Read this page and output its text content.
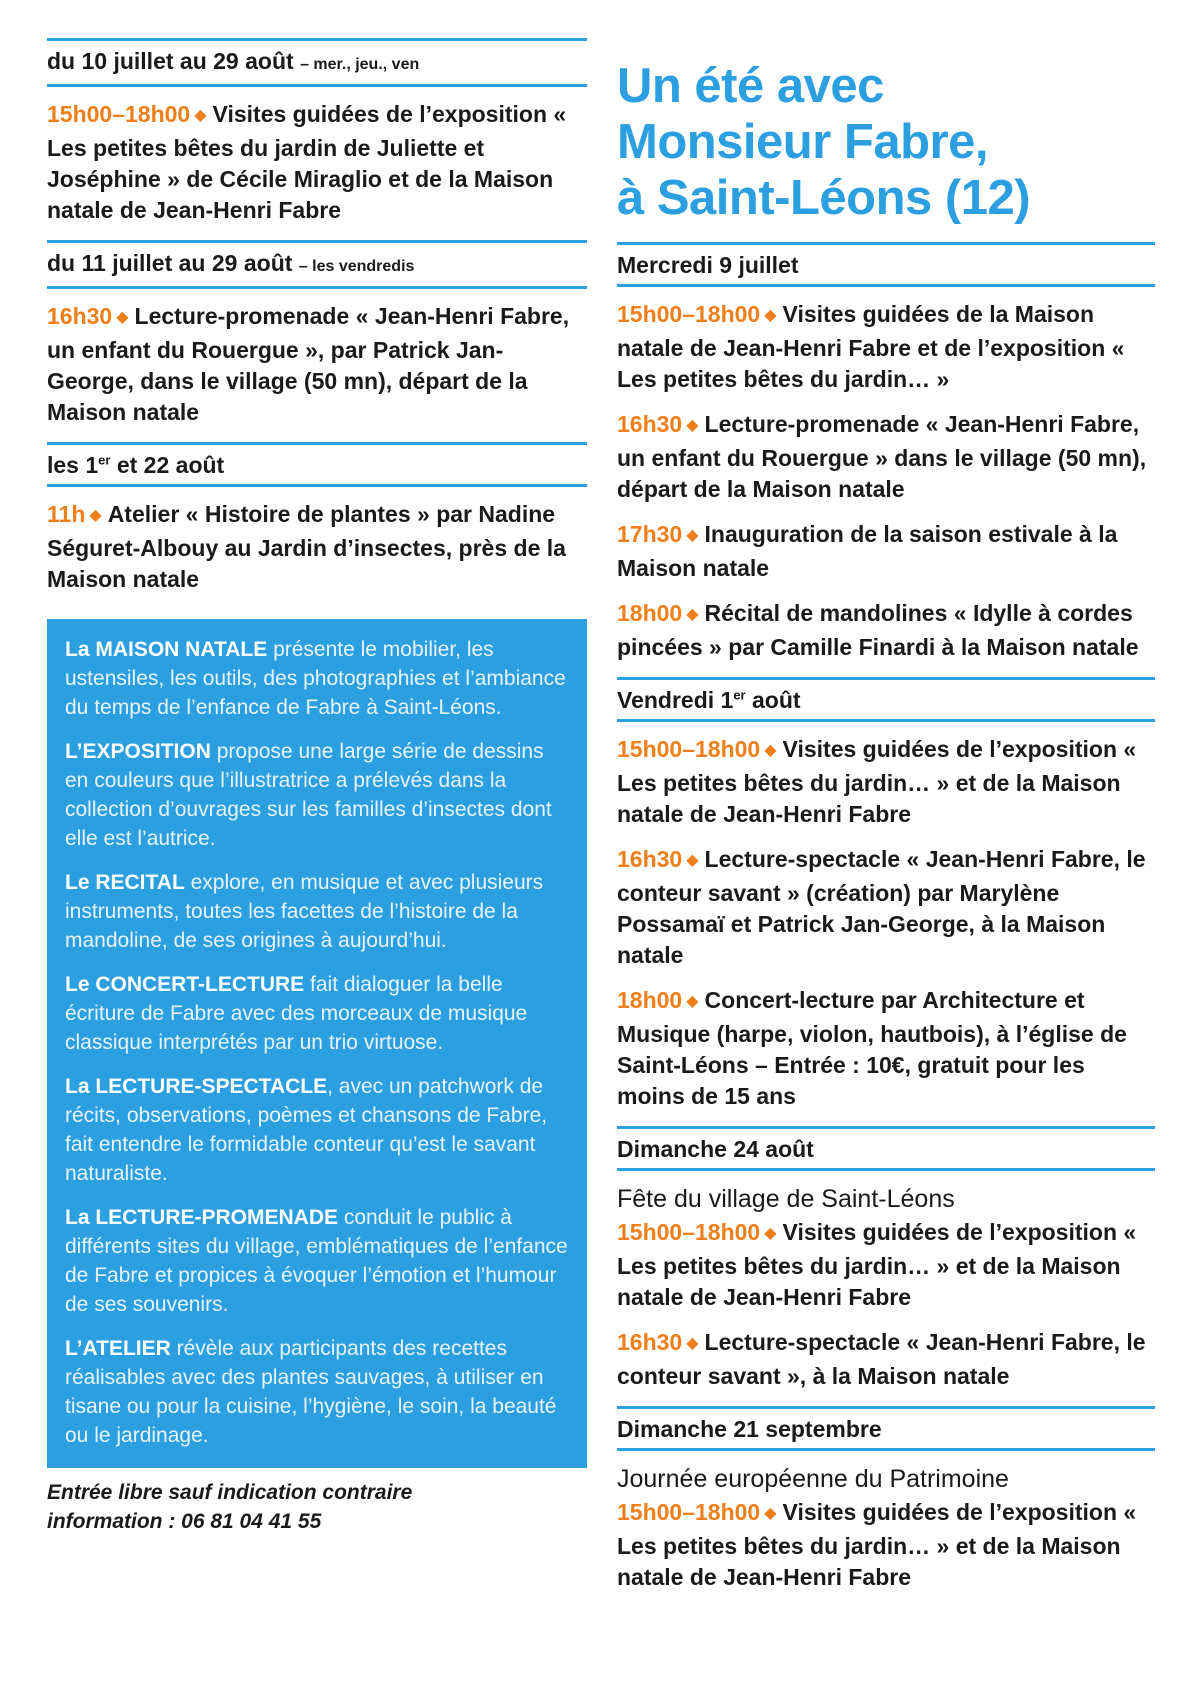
du 10 juillet au 29 août – mer., jeu., ven
15h00–18h00 ◆ Visites guidées de l’exposition « Les petites bêtes du jardin de Juliette et Joséphine » de Cécile Miraglio et de la Maison natale de Jean-Henri Fabre
du 11 juillet au 29 août – les vendredis
16h30 ◆ Lecture-promenade « Jean-Henri Fabre, un enfant du Rouergue », par Patrick Jan-George, dans le village (50 mn), départ de la Maison natale
les 1er et 22 août
11h ◆ Atelier « Histoire de plantes » par Nadine Séguret-Albouy au Jardin d’insectes, près de la Maison natale

La MAISON NATALE présente le mobilier, les ustensiles, les outils, des photographies et l’ambiance du temps de l’enfance de Fabre à Saint-Léons.

L’EXPOSITION propose une large série de dessins en couleurs que l’illustratrice a prélevés dans la collection d’ouvrages sur les familles d’insectes dont elle est l’autrice.

Le RECITAL explore, en musique et avec plusieurs instruments, toutes les facettes de l’histoire de la mandoline, de ses origines à aujourd’hui.

Le CONCERT-LECTURE fait dialoguer la belle écriture de Fabre avec des morceaux de musique classique interprétés par un trio virtuose.

La LECTURE-SPECTACLE, avec un patchwork de récits, observations, poèmes et chansons de Fabre, fait entendre le formidable conteur qu’est le savant naturaliste.

La LECTURE-PROMENADE conduit le public à différents sites du village, emblématiques de l’enfance de Fabre et propices à évoquer l’émotion et l’humour de ses souvenirs.

L’ATELIER révèle aux participants des recettes réalisables avec des plantes sauvages, à utiliser en tisane ou pour la cuisine, l’hygiène, le soin, la beauté ou le jardinage.

Entrée libre sauf indication contraire
information : 06 81 04 41 55
Un été avec
Monsieur Fabre,
à Saint-Léons (12)
Mercredi 9 juillet
15h00–18h00 ◆ Visites guidées de la Maison natale de Jean-Henri Fabre et de l’exposition « Les petites bêtes du jardin… »
16h30 ◆ Lecture-promenade « Jean-Henri Fabre, un enfant du Rouergue » dans le village (50 mn), départ de la Maison natale
17h30 ◆ Inauguration de la saison estivale à la Maison natale
18h00 ◆ Récital de mandolines « Idylle à cordes pincées » par Camille Finardi à la Maison natale
Vendredi 1er août
15h00–18h00 ◆ Visites guidées de l’exposition « Les petites bêtes du jardin… » et de la Maison natale de Jean-Henri Fabre
16h30 ◆ Lecture-spectacle « Jean-Henri Fabre, le conteur savant » (création) par Marylène Possamaï et Patrick Jan-George, à la Maison natale
18h00 ◆ Concert-lecture par Architecture et Musique (harpe, violon, hautbois), à l’église de Saint-Léons – Entrée : 10€, gratuit pour les moins de 15 ans
Dimanche 24 août
Fête du village de Saint-Léons
15h00–18h00 ◆ Visites guidées de l’exposition « Les petites bêtes du jardin… » et de la Maison natale de Jean-Henri Fabre
16h30 ◆ Lecture-spectacle « Jean-Henri Fabre, le conteur savant », à la Maison natale
Dimanche 21 septembre
Journée européenne du Patrimoine
15h00–18h00 ◆ Visites guidées de l’exposition « Les petites bêtes du jardin… » et de la Maison natale de Jean-Henri Fabre
